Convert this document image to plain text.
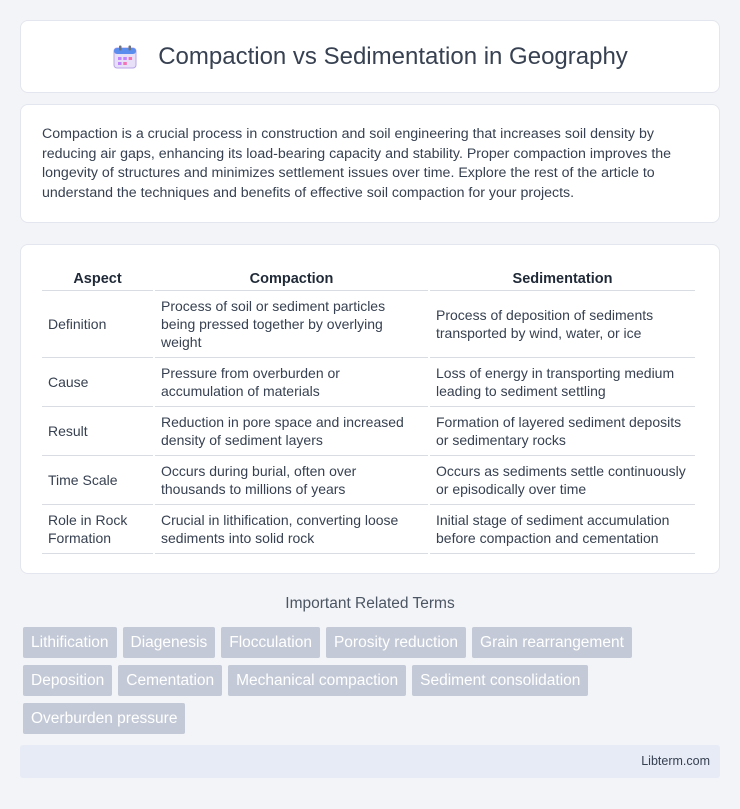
Compaction vs Sedimentation in Geography

Compaction is a crucial process in construction and soil engineering that increases soil density by reducing air gaps, enhancing its load-bearing capacity and stability. Proper compaction improves the longevity of structures and minimizes settlement issues over time. Explore the rest of the article to understand the techniques and benefits of effective soil compaction for your projects.

Aspect	Compaction	Sedimentation
Definition	Process of soil or sediment particles being pressed together by overlying weight	Process of deposition of sediments transported by wind, water, or ice
Cause	Pressure from overburden or accumulation of materials	Loss of energy in transporting medium leading to sediment settling
Result	Reduction in pore space and increased density of sediment layers	Formation of layered sediment deposits or sedimentary rocks
Time Scale	Occurs during burial, often over thousands to millions of years	Occurs as sediments settle continuously or episodically over time
Role in Rock Formation	Crucial in lithification, converting loose sediments into solid rock	Initial stage of sediment accumulation before compaction and cementation
Important Related Terms
Lithification	Diagenesis	Flocculation	Porosity reduction	Grain rearrangement
Deposition	Cementation	Mechanical compaction	Sediment consolidation
Overburden pressure
Libterm.com
